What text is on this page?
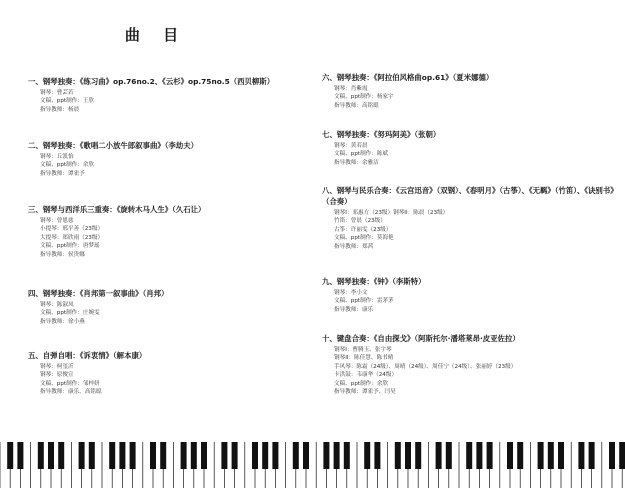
曲 目
一、钢琴独奏：《练习曲》op.76no.2、《云杉》op.75no.5（西贝柳斯）
钢琴：曹芸若
文稿、ppt制作：王欣
指导教师：杨晨
二、钢琴独奏：《歌唱二小放牛郎叙事曲》（李劫夫）
钢琴：丘凯怡
文稿、ppt制作：余欣
指导教师：谭雀予
三、钢琴与西洋乐三重奏：《旋转木马人生》（久石让）
钢琴：曾恩慈
小提琴：邢平善（23级）
大提琴：郑欣雨（23级）
文稿、ppt制作：唐梦瑶
指导教师：侯贵娜
四、钢琴独奏：《肖邦第一叙事曲》（肖邦）
钢琴：陈淑凤
文稿、ppt制作：庄婉雯
指导教师：徐小燕
五、自弹自唱：《诉衷情》（解本康）
钢琴：柯玺沂
钢琴：原俊宣
文稿、ppt制作：邹梓妍
指导教师：康乐、高铭聪
六、钢琴独奏：《阿拉伯风格曲op.61》（夏米娜德）
钢琴：肖紫霞
文稿、ppt制作：杨家宇
指导教师：高铭聪
七、钢琴独奏：《努玛阿美》（张朝）
钢琴：黄若晨
文稿、ppt制作：陈斌
指导教师：余雅洁
八、钢琴与民乐合奏：《云宫迅音》（双钢）、《春明月》（古筝）、《无羁》（竹笛）、《诀别书》（合奏）
钢琴I：邓惠方（23级）钢琴II：陈晨（23级）
竹笛：曾晨（23级）
古筝：许丽雯（23级）
文稿、ppt制作：莫海艳
指导教师：郑茜
九、钢琴独奏：《钟》（李斯特）
钢琴：李小文
文稿、ppt制作：雷茅茅
指导教师：康乐
十、键盘合奏：《自由探戈》（阿斯托尔·潘塔莱昂·皮亚佐拉）
钢琴I：曹腾玉、张宇琴
钢琴II：陈佳慧、陈书晴
手风琴：陈霜（24级）、周晴（24级）、周佳宁（24级）、张丽婷（23级）
卡洪鼓：韦康华（24级）
文稿、ppt制作：余欣
指导教师：谭雀予、闫昊
